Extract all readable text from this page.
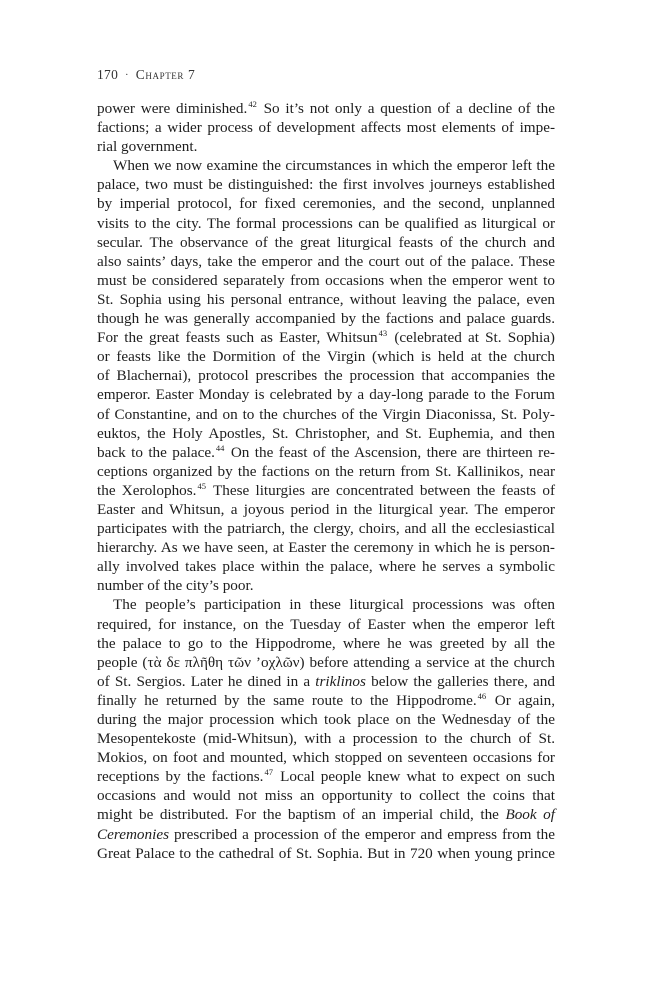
170 · Chapter 7
power were diminished.$^{42}$ So it’s not only a question of a decline of the
factions; a wider process of development affects most elements of impe-
rial government.
When we now examine the circumstances in which the emperor left the
palace, two must be distinguished: the first involves journeys established
by imperial protocol, for fixed ceremonies, and the second, unplanned
visits to the city. The formal processions can be qualified as liturgical or
secular. The observance of the great liturgical feasts of the church and
also saints’ days, take the emperor and the court out of the palace. These
must be considered separately from occasions when the emperor went to
St. Sophia using his personal entrance, without leaving the palace, even
though he was generally accompanied by the factions and palace guards.
For the great feasts such as Easter, Whitsun$^{43}$ (celebrated at St. Sophia)
or feasts like the Dormition of the Virgin (which is held at the church
of Blachernai), protocol prescribes the procession that accompanies the
emperor. Easter Monday is celebrated by a day-long parade to the Forum
of Constantine, and on to the churches of the Virgin Diaconissa, St. Poly-
euktos, the Holy Apostles, St. Christopher, and St. Euphemia, and then
back to the palace.$^{44}$ On the feast of the Ascension, there are thirteen re-
ceptions organized by the factions on the return from St. Kallinikos, near
the Xerolophos.$^{45}$ These liturgies are concentrated between the feasts of
Easter and Whitsun, a joyous period in the liturgical year. The emperor
participates with the patriarch, the clergy, choirs, and all the ecclesiastical
hierarchy. As we have seen, at Easter the ceremony in which he is person-
ally involved takes place within the palace, where he serves a symbolic
number of the city’s poor.
The people’s participation in these liturgical processions was often
required, for instance, on the Tuesday of Easter when the emperor left
the palace to go to the Hippodrome, where he was greeted by all the
people (τὰ δε πλῆθη τῶν ’οχλῶν) before attending a service at the church
of St. Sergios. Later he dined in a triklinos below the galleries there, and
finally he returned by the same route to the Hippodrome.$^{46}$ Or again,
during the major procession which took place on the Wednesday of the
Mesopentekoste (mid-Whitsun), with a procession to the church of St.
Mokios, on foot and mounted, which stopped on seventeen occasions for
receptions by the factions.$^{47}$ Local people knew what to expect on such
occasions and would not miss an opportunity to collect the coins that
might be distributed. For the baptism of an imperial child, the Book of
Ceremonies prescribed a procession of the emperor and empress from the
Great Palace to the cathedral of St. Sophia. But in 720 when young prince
